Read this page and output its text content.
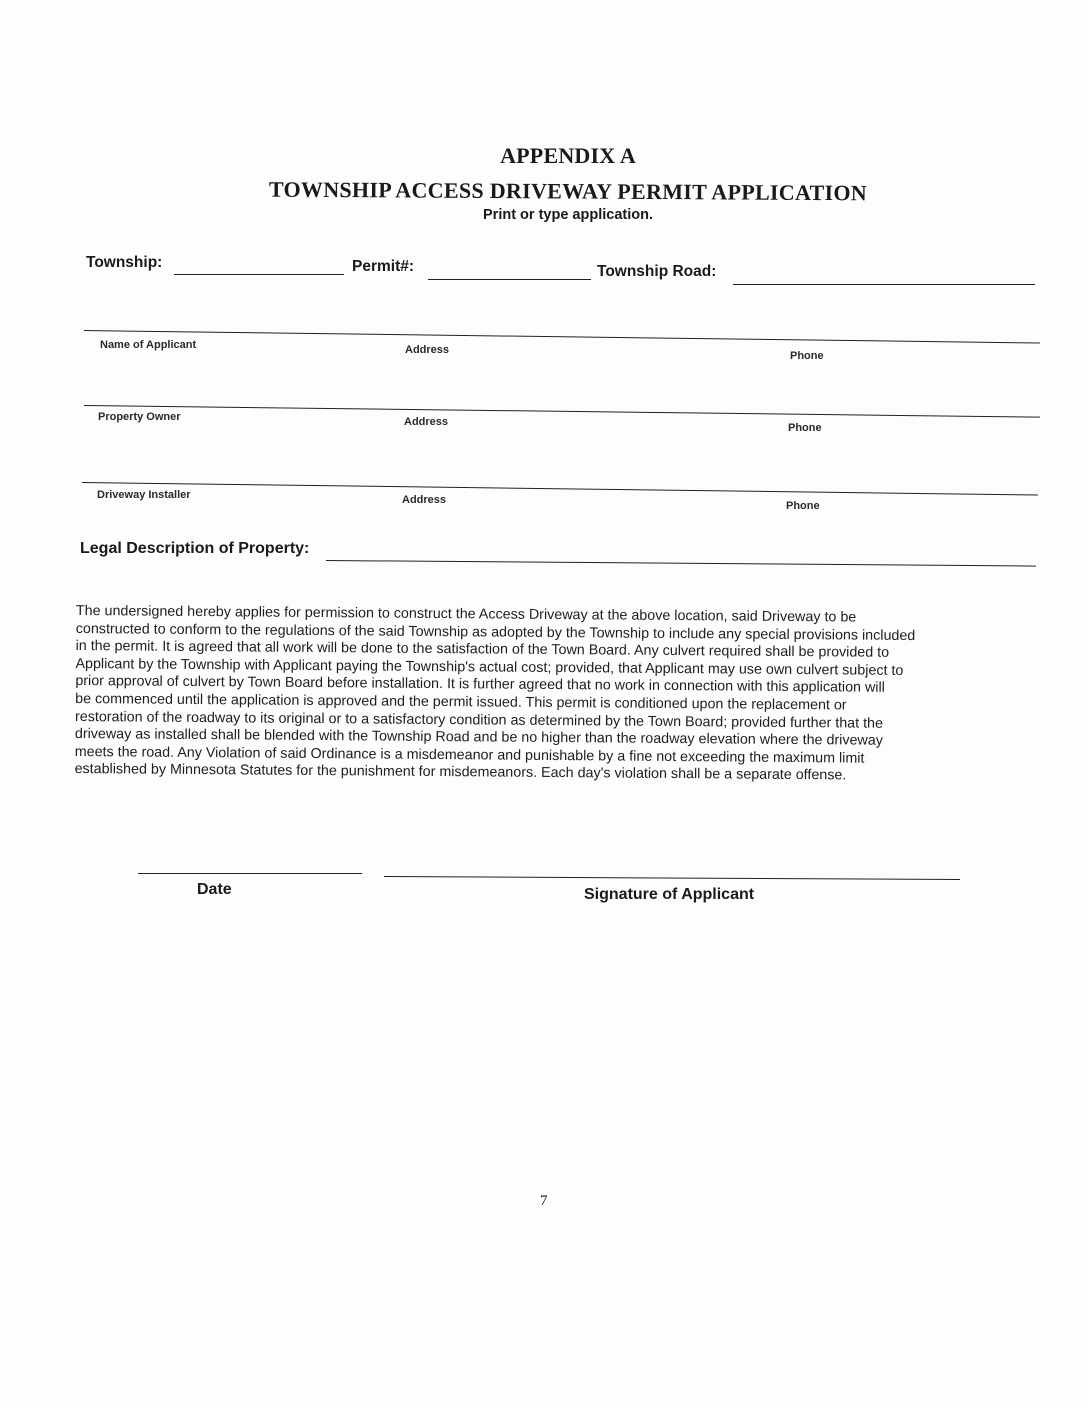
APPENDIX A
TOWNSHIP ACCESS DRIVEWAY PERMIT APPLICATION
Print or type application.
Township:	Permit#:	Township Road:
Name of Applicant	Address	Phone
Property Owner	Address	Phone
Driveway Installer	Address	Phone
Legal Description of Property:

The undersigned hereby applies for permission to construct the Access Driveway at the above location, said Driveway to be

constructed to conform to the regulations of the said Township as adopted by the Township to include any special provisions included

in the permit. It is agreed that all work will be done to the satisfaction of the Town Board. Any culvert required shall be provided to

Applicant by the Township with Applicant paying the Township's actual cost; provided, that Applicant may use own culvert subject to

prior approval of culvert by Town Board before installation. It is further agreed that no work in connection with this application will

be commenced until the application is approved and the permit issued. This permit is conditioned upon the replacement or

restoration of the roadway to its original or to a satisfactory condition as determined by the Town Board; provided further that the

driveway as installed shall be blended with the Township Road and be no higher than the roadway elevation where the driveway

meets the road. Any Violation of said Ordinance is a misdemeanor and punishable by a fine not exceeding the maximum limit

established by Minnesota Statutes for the punishment for misdemeanors. Each day's violation shall be a separate offense.

Date	Signature of Applicant
7
